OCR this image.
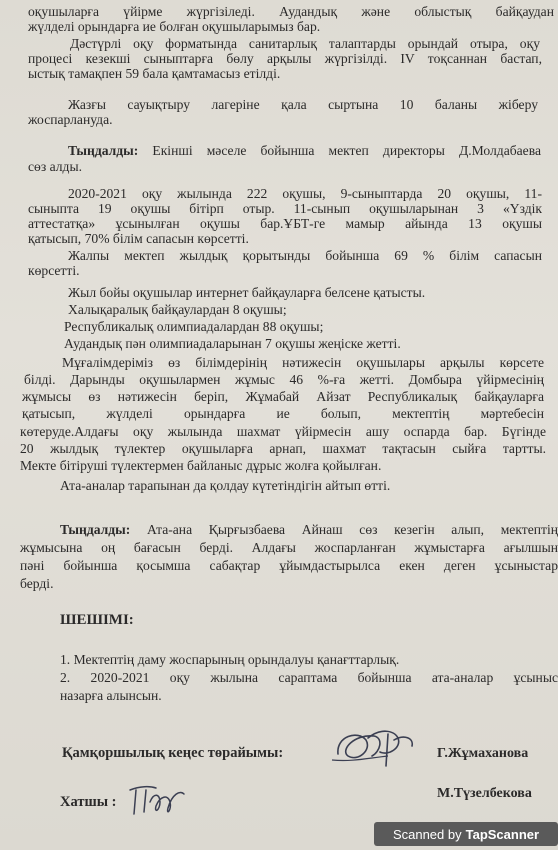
оқушыларға үйірме жүргізіледі. Аудандық және облыстық байқаудан
жүлделі орындарға ие болған оқушыларымыз бар.
Дәстүрлі оқу форматында санитарлық талаптарды орындай отыра, оқу
процесі кезекші сыныптарға бөлу арқылы жүргізілді. IV тоқсаннан бастап,
ыстық тамақпен 59 бала қамтамасыз етілді.
Жазғы сауықтыру лагеріне қала сыртына 10 баланы жіберу
жоспарлануда.
Тыңдалды: Екінші мәселе бойынша мектеп директоры Д.Молдабаева
сөз алды.
2020-2021 оқу жылында 222 оқушы, 9-сыныптарда 20 оқушы, 11-
сыныпта 19 оқушы бітірп отыр. 11-сынып оқушыларынан 3 «Үздік
аттестатқа» ұсынылған оқушы бар.ҰБТ-ге мамыр айында 13 оқушы
қатысып, 70% білім сапасын көрсетті.
Жалпы мектеп жылдық қорытынды бойынша 69 % білім сапасын
көрсетті.
Жыл бойы оқушылар интернет байқауларға белсене қатысты.
Халықаралық байқаулардан 8 оқушы;
Республикалық олимпиадалардан 88 оқушы;
Аудандық пән олимпиадаларынан 7 оқушы жеңіске жетті.
Мұғалімдеріміз өз білімдерінің нәтижесін оқушылары арқылы көрсете
білді. Дарынды оқушылармен жұмыс 46 %-ға жетті. Домбыра үйірмесінің
жұмысы өз нәтижесін беріп, Жұмабай Айзат Республикалық байқауларға
қатысып, жүлделі орындарға ие болып, мектептің мәртебесін
көтеруде.Алдағы оқу жылында шахмат үйірмесін ашу оспарда бар. Бүгінде
20 жылдық түлектер оқушыларға арнап, шахмат тақтасын сыйға тартты.
Мекте бітіруші түлектермен байланыс дұрыс жолға қойылған.
Ата-аналар тарапынан да қолдау күтетіндігін айтып өтті.
Тыңдалды: Ата-ана Қырғызбаева Айнаш сөз кезегін алып, мектептің
жұмысына оң бағасын берді. Алдағы жоспарланған жұмыстарға ағылшын
пәні бойынша қосымша сабақтар ұйымдастырылса екен деген ұсыныстар
берді.
ШЕШІМІ:
1. Мектептің даму жоспарының орындалуы қанағттарлық.
2. 2020-2021 оқу жылына сараптама бойынша ата-аналар ұсыныс
назарға алынсын.
Қамқоршылық кеңес төрайымы:	Г.Жұмаханова
Хатшы :
М.Түзелбекова
Scanned by TapScanner
